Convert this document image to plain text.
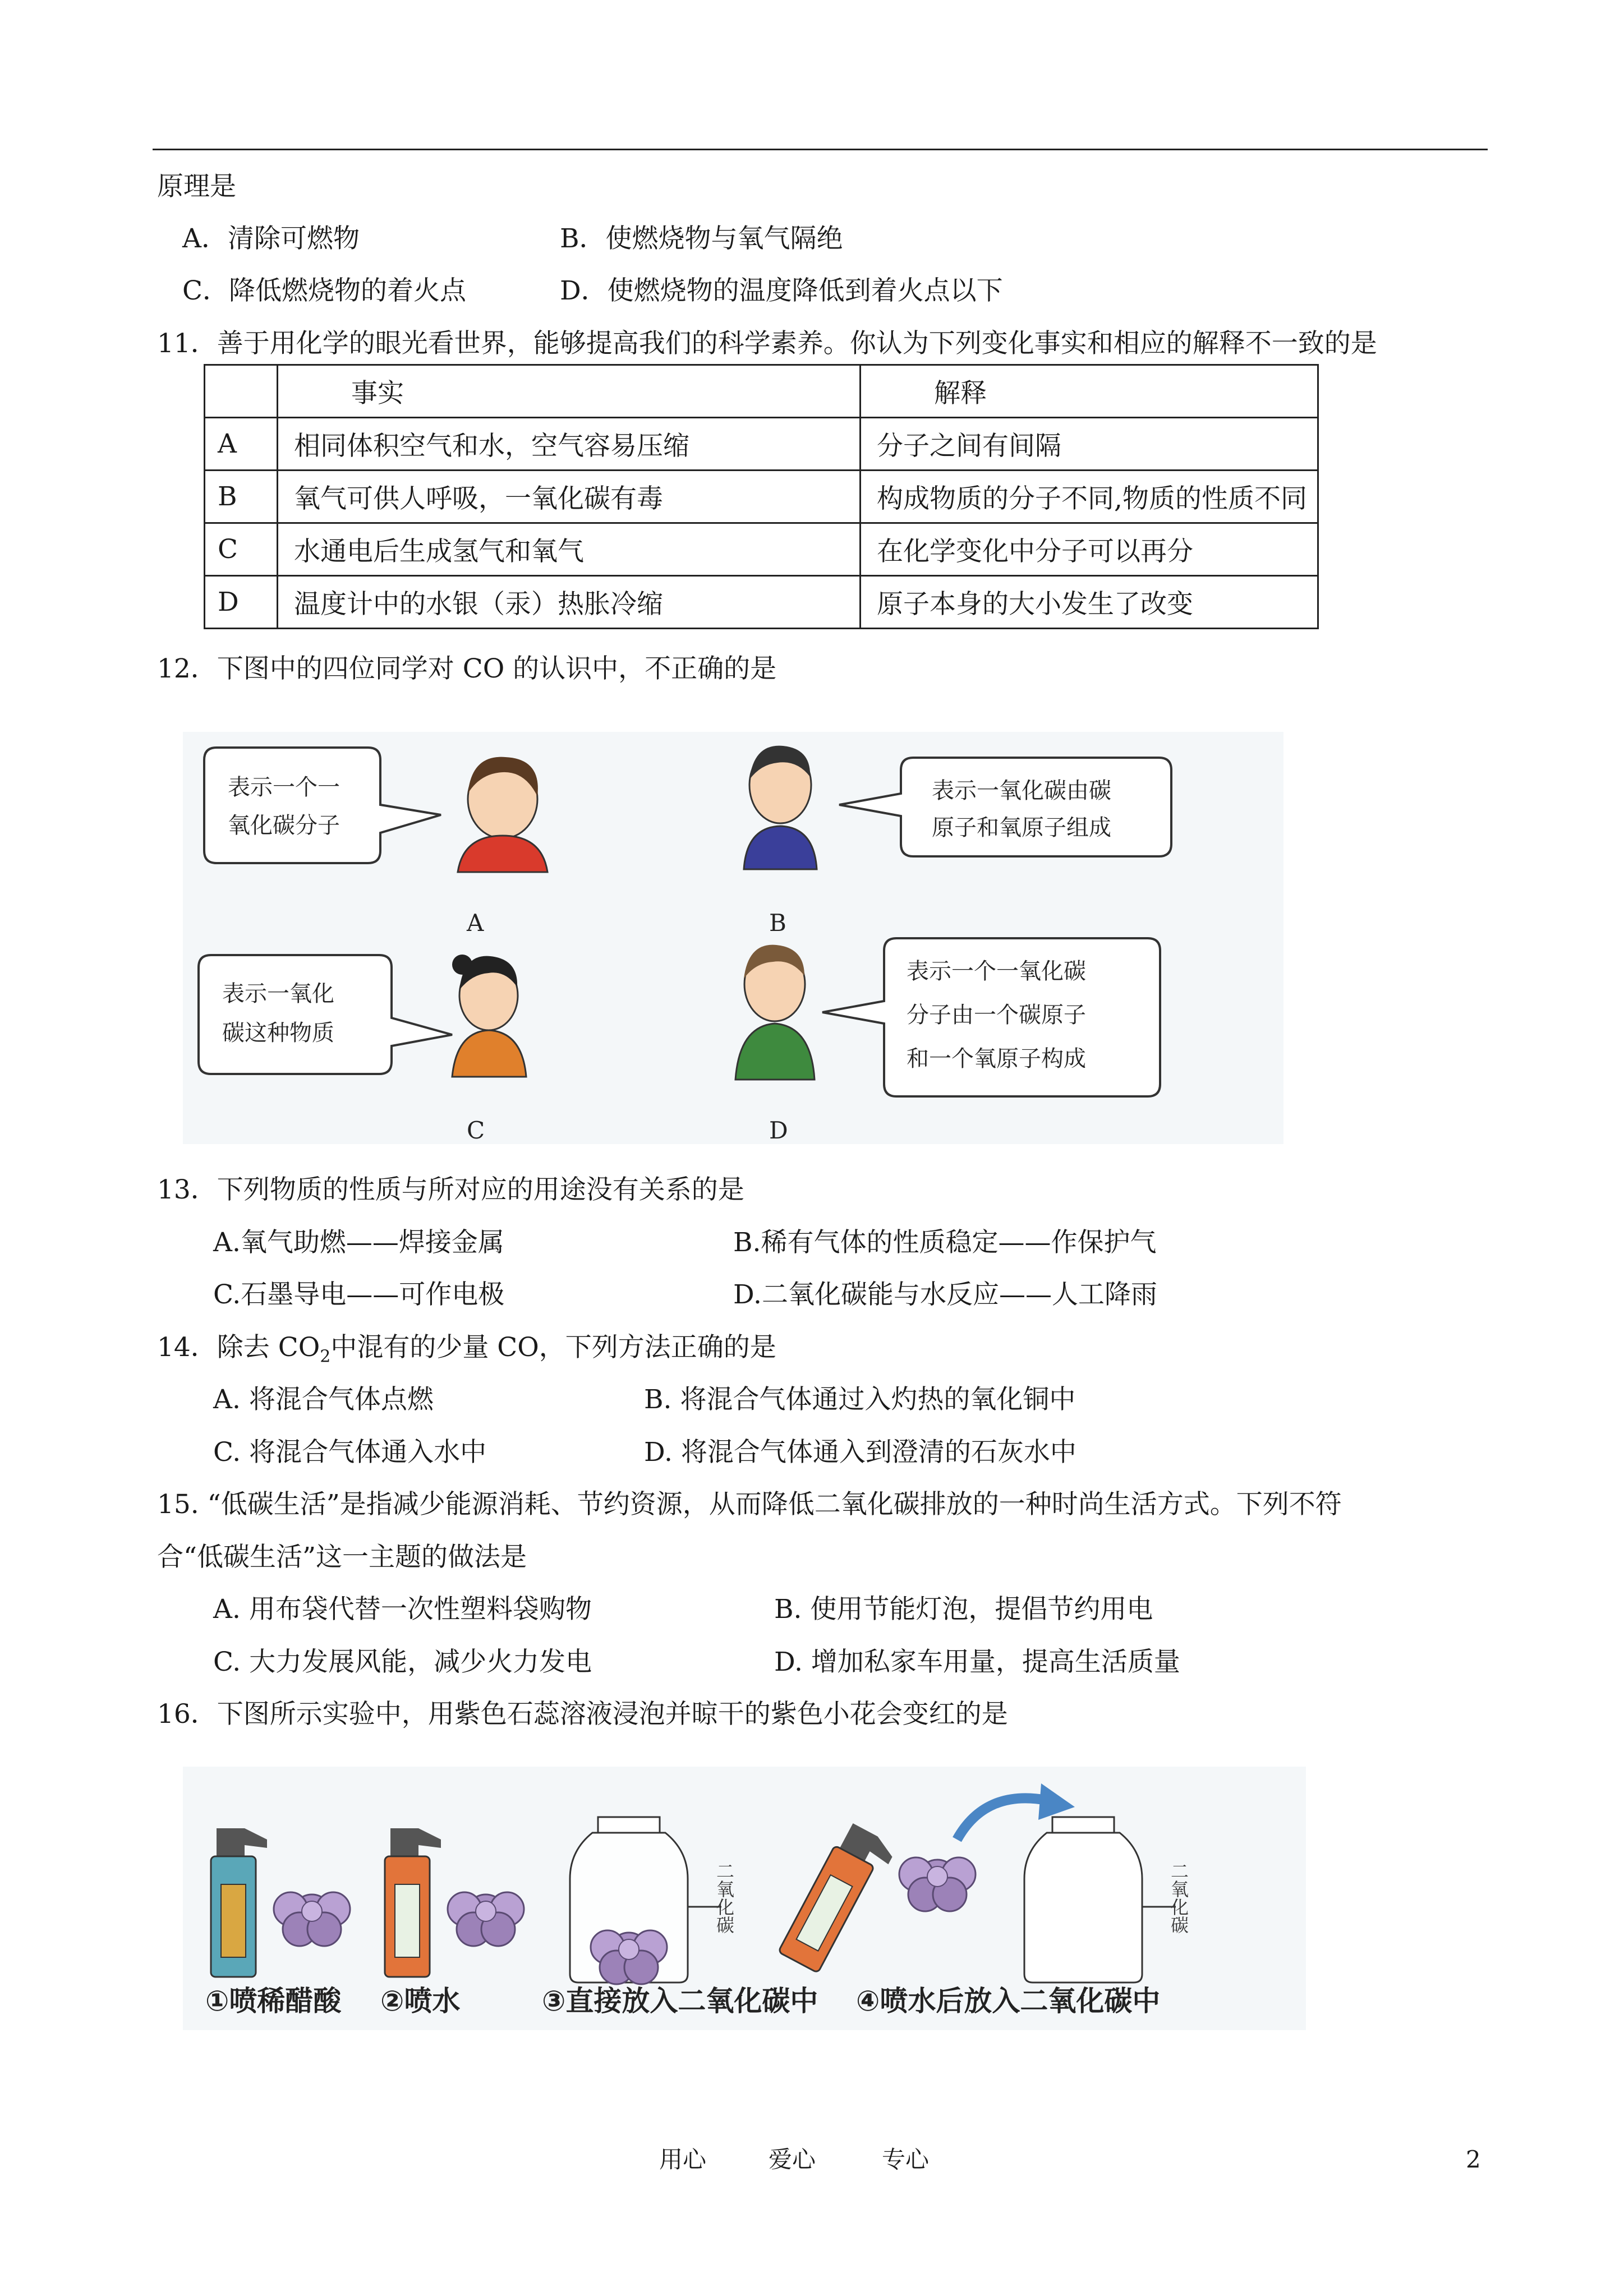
原理是
A．清除可燃物	B．使燃烧物与氧气隔绝
C．降低燃烧物的着火点	D．使燃烧物的温度降低到着火点以下
11．善于用化学的眼光看世界，能够提高我们的科学素养。你认为下列变化事实和相应的解释不一致的是
	事实	解释
A	相同体积空气和水，空气容易压缩	分子之间有间隔
B	氧气可供人呼吸，一氧化碳有毒	构成物质的分子不同,物质的性质不同
C	水通电后生成氢气和氧气	在化学变化中分子可以再分
D	温度计中的水银（汞）热胀冷缩	原子本身的大小发生了改变
12．下图中的四位同学对 CO 的认识中，不正确的是
表示一个一
氧化碳分子
表示一氧化碳由碳
原子和氧原子组成
A	B
表示一氧化
碳这种物质
表示一个一氧化碳
分子由一个碳原子
和一个氧原子构成
C	D
13．下列物质的性质与所对应的用途没有关系的是
A.氧气助燃——焊接金属	B.稀有气体的性质稳定——作保护气
C.石墨导电——可作电极	D.二氧化碳能与水反应——人工降雨
14．除去 $CO_2$中混有的少量 CO，下列方法正确的是
A. 将混合气体点燃	B. 将混合气体通过入灼热的氧化铜中
C. 将混合气体通入水中	D. 将混合气体通入到澄清的石灰水中
15. “低碳生活”是指减少能源消耗、节约资源，从而降低二氧化碳排放的一种时尚生活方式。下列不符
合“低碳生活”这一主题的做法是
A. 用布袋代替一次性塑料袋购物	B. 使用节能灯泡，提倡节约用电
C. 大力发展风能，减少火力发电	D. 增加私家车用量，提高生活质量
16．下图所示实验中，用紫色石蕊溶液浸泡并晾干的紫色小花会变红的是
二氧化碳	二氧化碳
①喷稀醋酸 ②喷水	③直接放入二氧化碳中 ④喷水后放入二氧化碳中
用心	爱心	专心	2
